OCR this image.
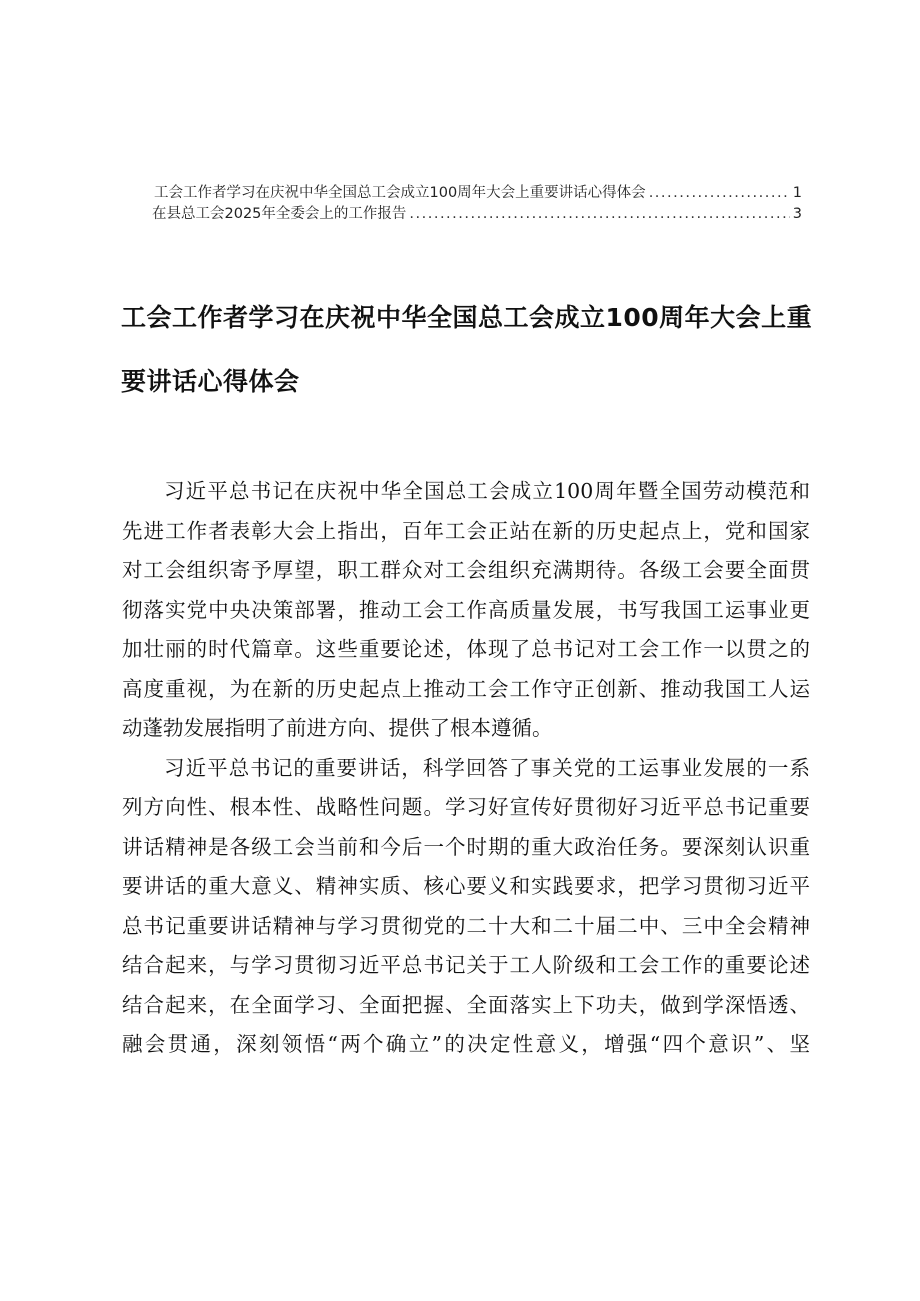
工会工作者学习在庆祝中华全国总工会成立100周年大会上重要讲话心得体会 .....	1
在县总工会2025年全委会上的工作报告 .....	3
工会工作者学习在庆祝中华全国总工会成立100周年大会上重
要讲话心得体会
习近平总书记在庆祝中华全国总工会成立100周年暨全国劳动模范和
先进工作者表彰大会上指出，百年工会正站在新的历史起点上，党和国家
对工会组织寄予厚望，职工群众对工会组织充满期待。各级工会要全面贯
彻落实党中央决策部署，推动工会工作高质量发展，书写我国工运事业更
加壮丽的时代篇章。这些重要论述，体现了总书记对工会工作一以贯之的
高度重视，为在新的历史起点上推动工会工作守正创新、推动我国工人运
动蓬勃发展指明了前进方向、提供了根本遵循。
习近平总书记的重要讲话，科学回答了事关党的工运事业发展的一系
列方向性、根本性、战略性问题。学习好宣传好贯彻好习近平总书记重要
讲话精神是各级工会当前和今后一个时期的重大政治任务。要深刻认识重
要讲话的重大意义、精神实质、核心要义和实践要求，把学习贯彻习近平
总书记重要讲话精神与学习贯彻党的二十大和二十届二中、三中全会精神
结合起来，与学习贯彻习近平总书记关于工人阶级和工会工作的重要论述
结合起来，在全面学习、全面把握、全面落实上下功夫，做到学深悟透、
融会贯通，深刻领悟“两个确立”的决定性意义，增强“四个意识”、坚
